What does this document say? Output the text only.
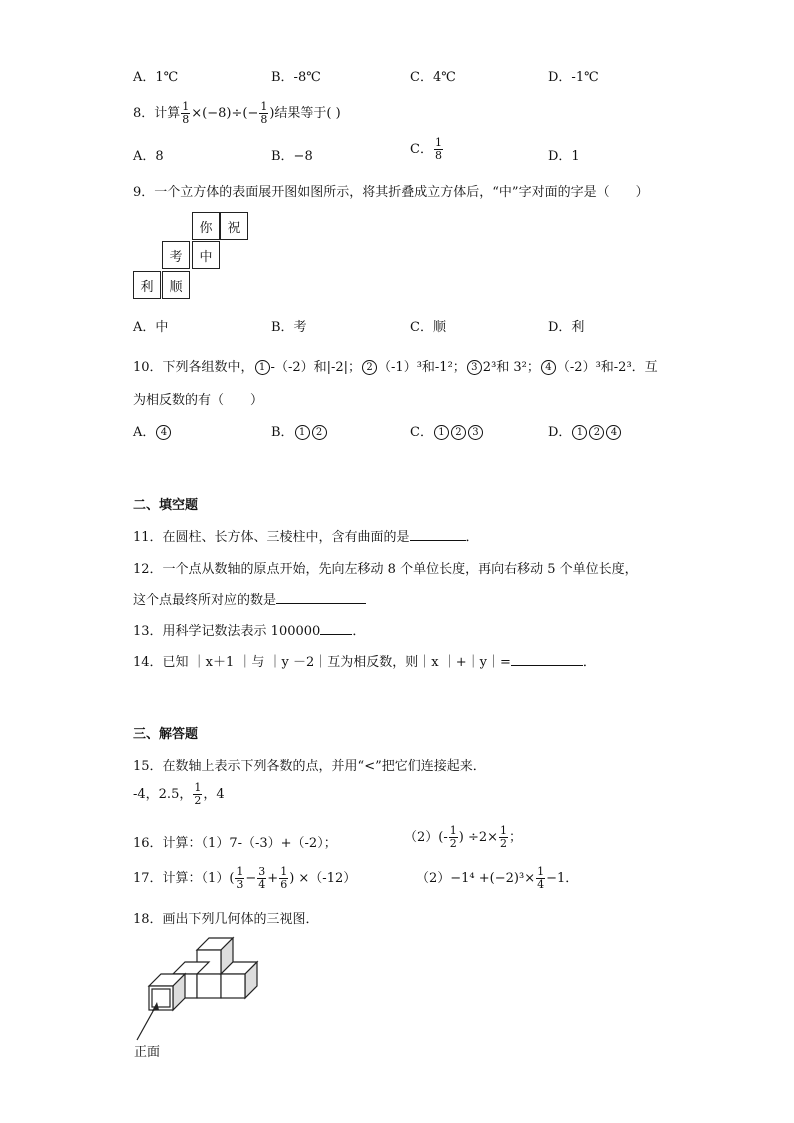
A．1℃	B．-8℃	C．4℃	D．-1℃
8．计算 $\frac{1}{8} \times(-8)\div(- \frac{1}{8}$ )结果等于( )
A．8	B．−8	C． $\frac{1}{8}$	D．1
9．一个立方体的表面展开图如图所示，将其折叠成立方体后，“中”字对面的字是（　　）
你	祝
考	中
利	顺
A．中	B．考	C．顺	D．利
10．下列各组数中， 1 -（-2）和|-2|； 2 （-1）³和-1²； 3 2³和 3²； 4 （-2）³和-2³．互
为相反数的有（　　）
A． 4	B． 1 2	C． 1 2 3	D． 1 2 4
二、填空题
11．在圆柱、长方体、三棱柱中，含有曲面的是	．
12．一个点从数轴的原点开始，先向左移动 8 个单位长度，再向右移动 5 个单位长度，
这个点最终所对应的数是
13．用科学记数法表示 100000 ．
14．已知 ｜x＋1 ｜与 ｜y －2｜互为相反数，则｜x ｜+｜y｜=	．
三、解答题
15．在数轴上表示下列各数的点，并用“<”把它们连接起来．
-4，2.5， $\frac{1}{2}$ ，4
16．计算：（1）7-（-3）+（-2）；	$(2)(- \frac{1}{2}$ ) $\div 2\times \frac{1}{2}$ ；
17．计算：$(1)( \frac{1}{3} - \frac{3}{4} + \frac{1}{6}$ ) ×（-12）	$(2)-1^4 +(-2)^3\times \frac{1}{4} -1$．
18．画出下列几何体的三视图．
正面
